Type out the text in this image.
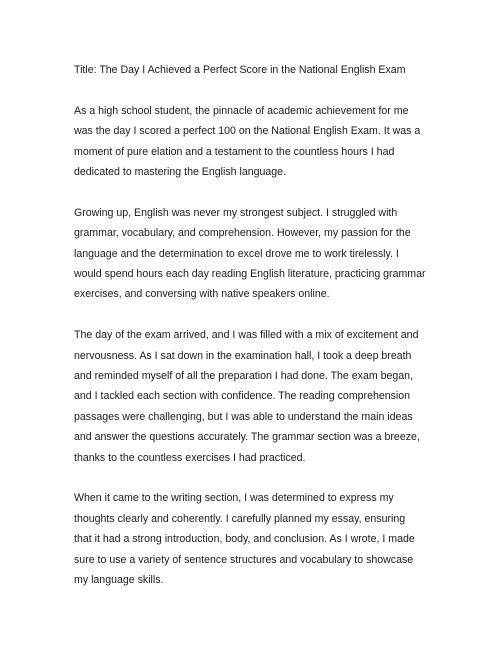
Title: The Day I Achieved a Perfect Score in the National English Exam

As a high school student, the pinnacle of academic achievement for me
was the day I scored a perfect 100 on the National English Exam. It was a
moment of pure elation and a testament to the countless hours I had
dedicated to mastering the English language.

Growing up, English was never my strongest subject. I struggled with
grammar, vocabulary, and comprehension. However, my passion for the
language and the determination to excel drove me to work tirelessly. I
would spend hours each day reading English literature, practicing grammar
exercises, and conversing with native speakers online.

The day of the exam arrived, and I was filled with a mix of excitement and
nervousness. As I sat down in the examination hall, I took a deep breath
and reminded myself of all the preparation I had done. The exam began,
and I tackled each section with confidence. The reading comprehension
passages were challenging, but I was able to understand the main ideas
and answer the questions accurately. The grammar section was a breeze,
thanks to the countless exercises I had practiced.

When it came to the writing section, I was determined to express my
thoughts clearly and coherently. I carefully planned my essay, ensuring
that it had a strong introduction, body, and conclusion. As I wrote, I made
sure to use a variety of sentence structures and vocabulary to showcase
my language skills.
